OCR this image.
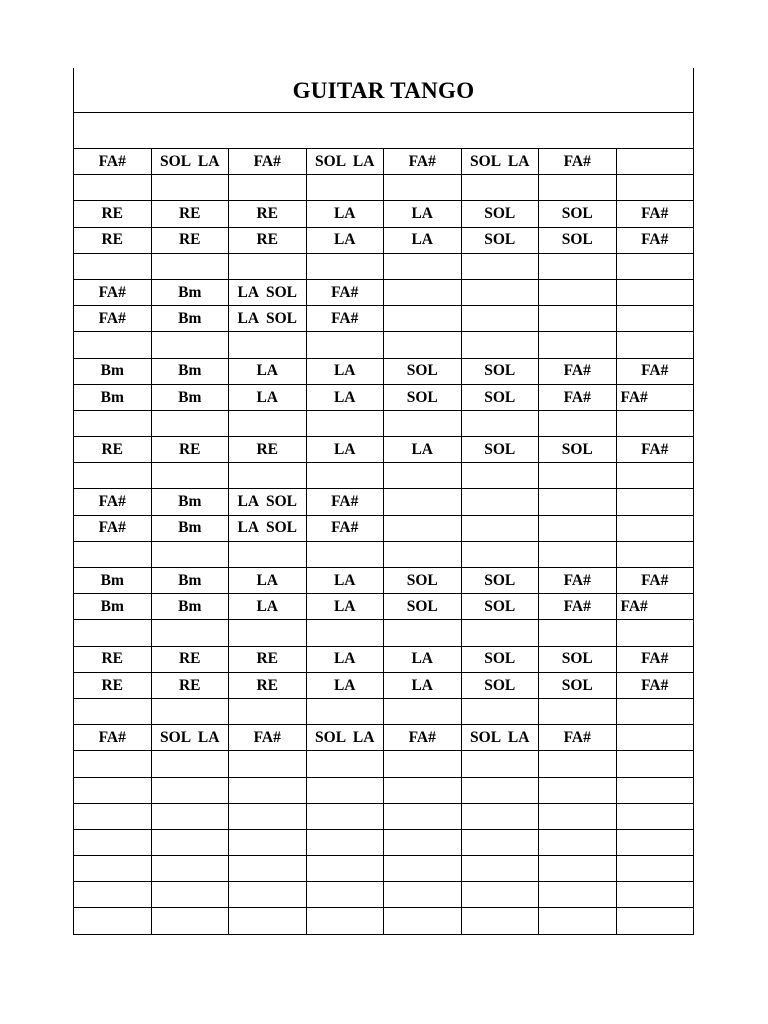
GUITAR TANGO
FA#	SOL  LA	FA#	SOL  LA	FA#	SOL  LA	FA#	

RE	RE	RE	LA	LA	SOL	SOL	FA#
RE	RE	RE	LA	LA	SOL	SOL	FA#

FA#	Bm	LA  SOL	FA#				
FA#	Bm	LA  SOL	FA#				

Bm	Bm	LA	LA	SOL	SOL	FA#	FA#
Bm	Bm	LA	LA	SOL	SOL	FA#	FA#

RE	RE	RE	LA	LA	SOL	SOL	FA#

FA#	Bm	LA  SOL	FA#				
FA#	Bm	LA  SOL	FA#				

Bm	Bm	LA	LA	SOL	SOL	FA#	FA#
Bm	Bm	LA	LA	SOL	SOL	FA#	FA#

RE	RE	RE	LA	LA	SOL	SOL	FA#
RE	RE	RE	LA	LA	SOL	SOL	FA#

FA#	SOL  LA	FA#	SOL  LA	FA#	SOL  LA	FA#	
